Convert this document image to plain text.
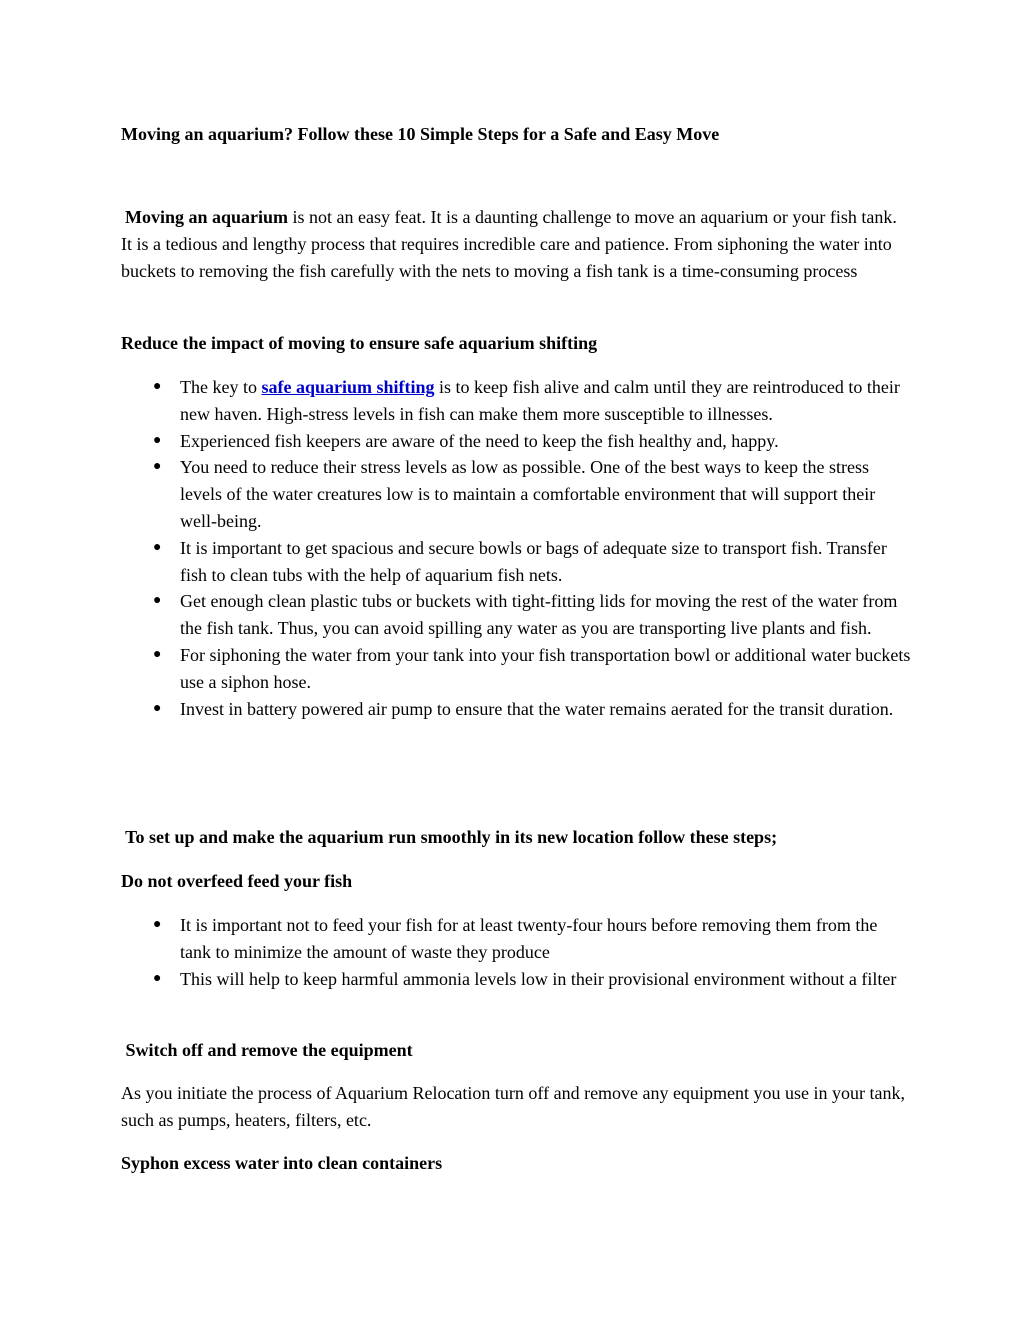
Moving an aquarium? Follow these 10 Simple Steps for a Safe and Easy Move

Moving an aquarium is not an easy feat. It is a daunting challenge to move an aquarium or your fish tank. It is a tedious and lengthy process that requires incredible care and patience. From siphoning the water into buckets to removing the fish carefully with the nets to moving a fish tank is a time-consuming process

Reduce the impact of moving to ensure safe aquarium shifting

● The key to safe aquarium shifting is to keep fish alive and calm until they are reintroduced to their new haven. High-stress levels in fish can make them more susceptible to illnesses.
● Experienced fish keepers are aware of the need to keep the fish healthy and, happy.
● You need to reduce their stress levels as low as possible. One of the best ways to keep the stress levels of the water creatures low is to maintain a comfortable environment that will support their well-being.
● It is important to get spacious and secure bowls or bags of adequate size to transport fish. Transfer fish to clean tubs with the help of aquarium fish nets.
● Get enough clean plastic tubs or buckets with tight-fitting lids for moving the rest of the water from the fish tank. Thus, you can avoid spilling any water as you are transporting live plants and fish.
● For siphoning the water from your tank into your fish transportation bowl or additional water buckets use a siphon hose.
● Invest in battery powered air pump to ensure that the water remains aerated for the transit duration.

To set up and make the aquarium run smoothly in its new location follow these steps;

Do not overfeed feed your fish

● It is important not to feed your fish for at least twenty-four hours before removing them from the tank to minimize the amount of waste they produce
● This will help to keep harmful ammonia levels low in their provisional environment without a filter

Switch off and remove the equipment

As you initiate the process of Aquarium Relocation turn off and remove any equipment you use in your tank, such as pumps, heaters, filters, etc.

Syphon excess water into clean containers
